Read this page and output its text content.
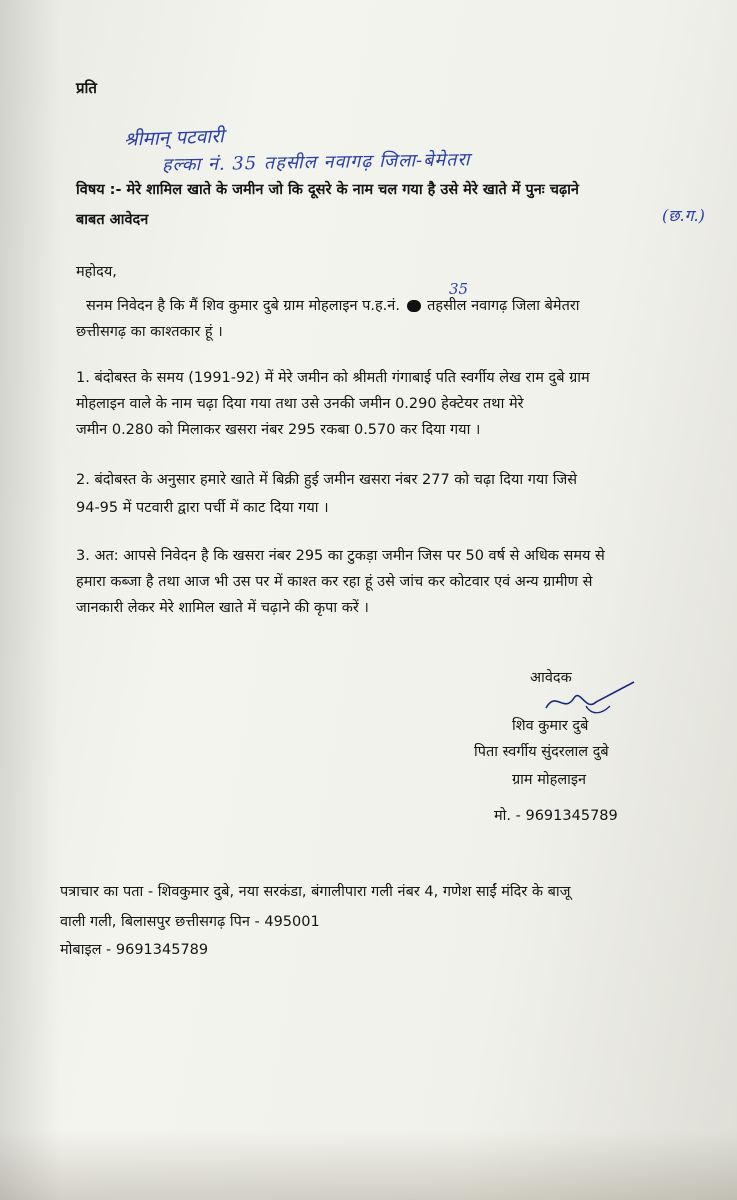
प्रति
श्रीमान् पटवारी
हल्का नं. 35 तहसील नवागढ़ जिला-बेमेतरा
(छ.ग.)
विषय :- मेरे शामिल खाते के जमीन जो कि दूसरे के नाम चल गया है उसे मेरे खाते में पुनः चढ़ाने
बाबत आवेदन
महोदय,
सनम निवेदन है कि मैं शिव कुमार दुबे ग्राम मोहलाइन प.ह.नं. तहसील नवागढ़ जिला बेमेतरा
35
छत्तीसगढ़ का काश्तकार हूं ।
1. बंदोबस्त के समय (1991-92) में मेरे जमीन को श्रीमती गंगाबाई पति स्वर्गीय लेख राम दुबे ग्राम
मोहलाइन वाले के नाम चढ़ा दिया गया तथा उसे उनकी जमीन 0.290 हेक्टेयर तथा मेरे
जमीन 0.280 को मिलाकर खसरा नंबर 295 रकबा 0.570 कर दिया गया ।
2. बंदोबस्त के अनुसार हमारे खाते में बिक्री हुई जमीन खसरा नंबर 277 को चढ़ा दिया गया जिसे
94-95 में पटवारी द्वारा पर्ची में काट दिया गया ।
3. अत: आपसे निवेदन है कि खसरा नंबर 295 का टुकड़ा जमीन जिस पर 50 वर्ष से अधिक समय से
हमारा कब्जा है तथा आज भी उस पर में काश्त कर रहा हूं उसे जांच कर कोटवार एवं अन्य ग्रामीण से
जानकारी लेकर मेरे शामिल खाते में चढ़ाने की कृपा करें ।
आवेदक
शिव कुमार दुबे
पिता स्वर्गीय सुंदरलाल दुबे
ग्राम मोहलाइन
मो. - 9691345789
पत्राचार का पता - शिवकुमार दुबे, नया सरकंडा, बंगालीपारा गली नंबर 4, गणेश साईं मंदिर के बाजू
वाली गली, बिलासपुर छत्तीसगढ़ पिन - 495001
मोबाइल - 9691345789
